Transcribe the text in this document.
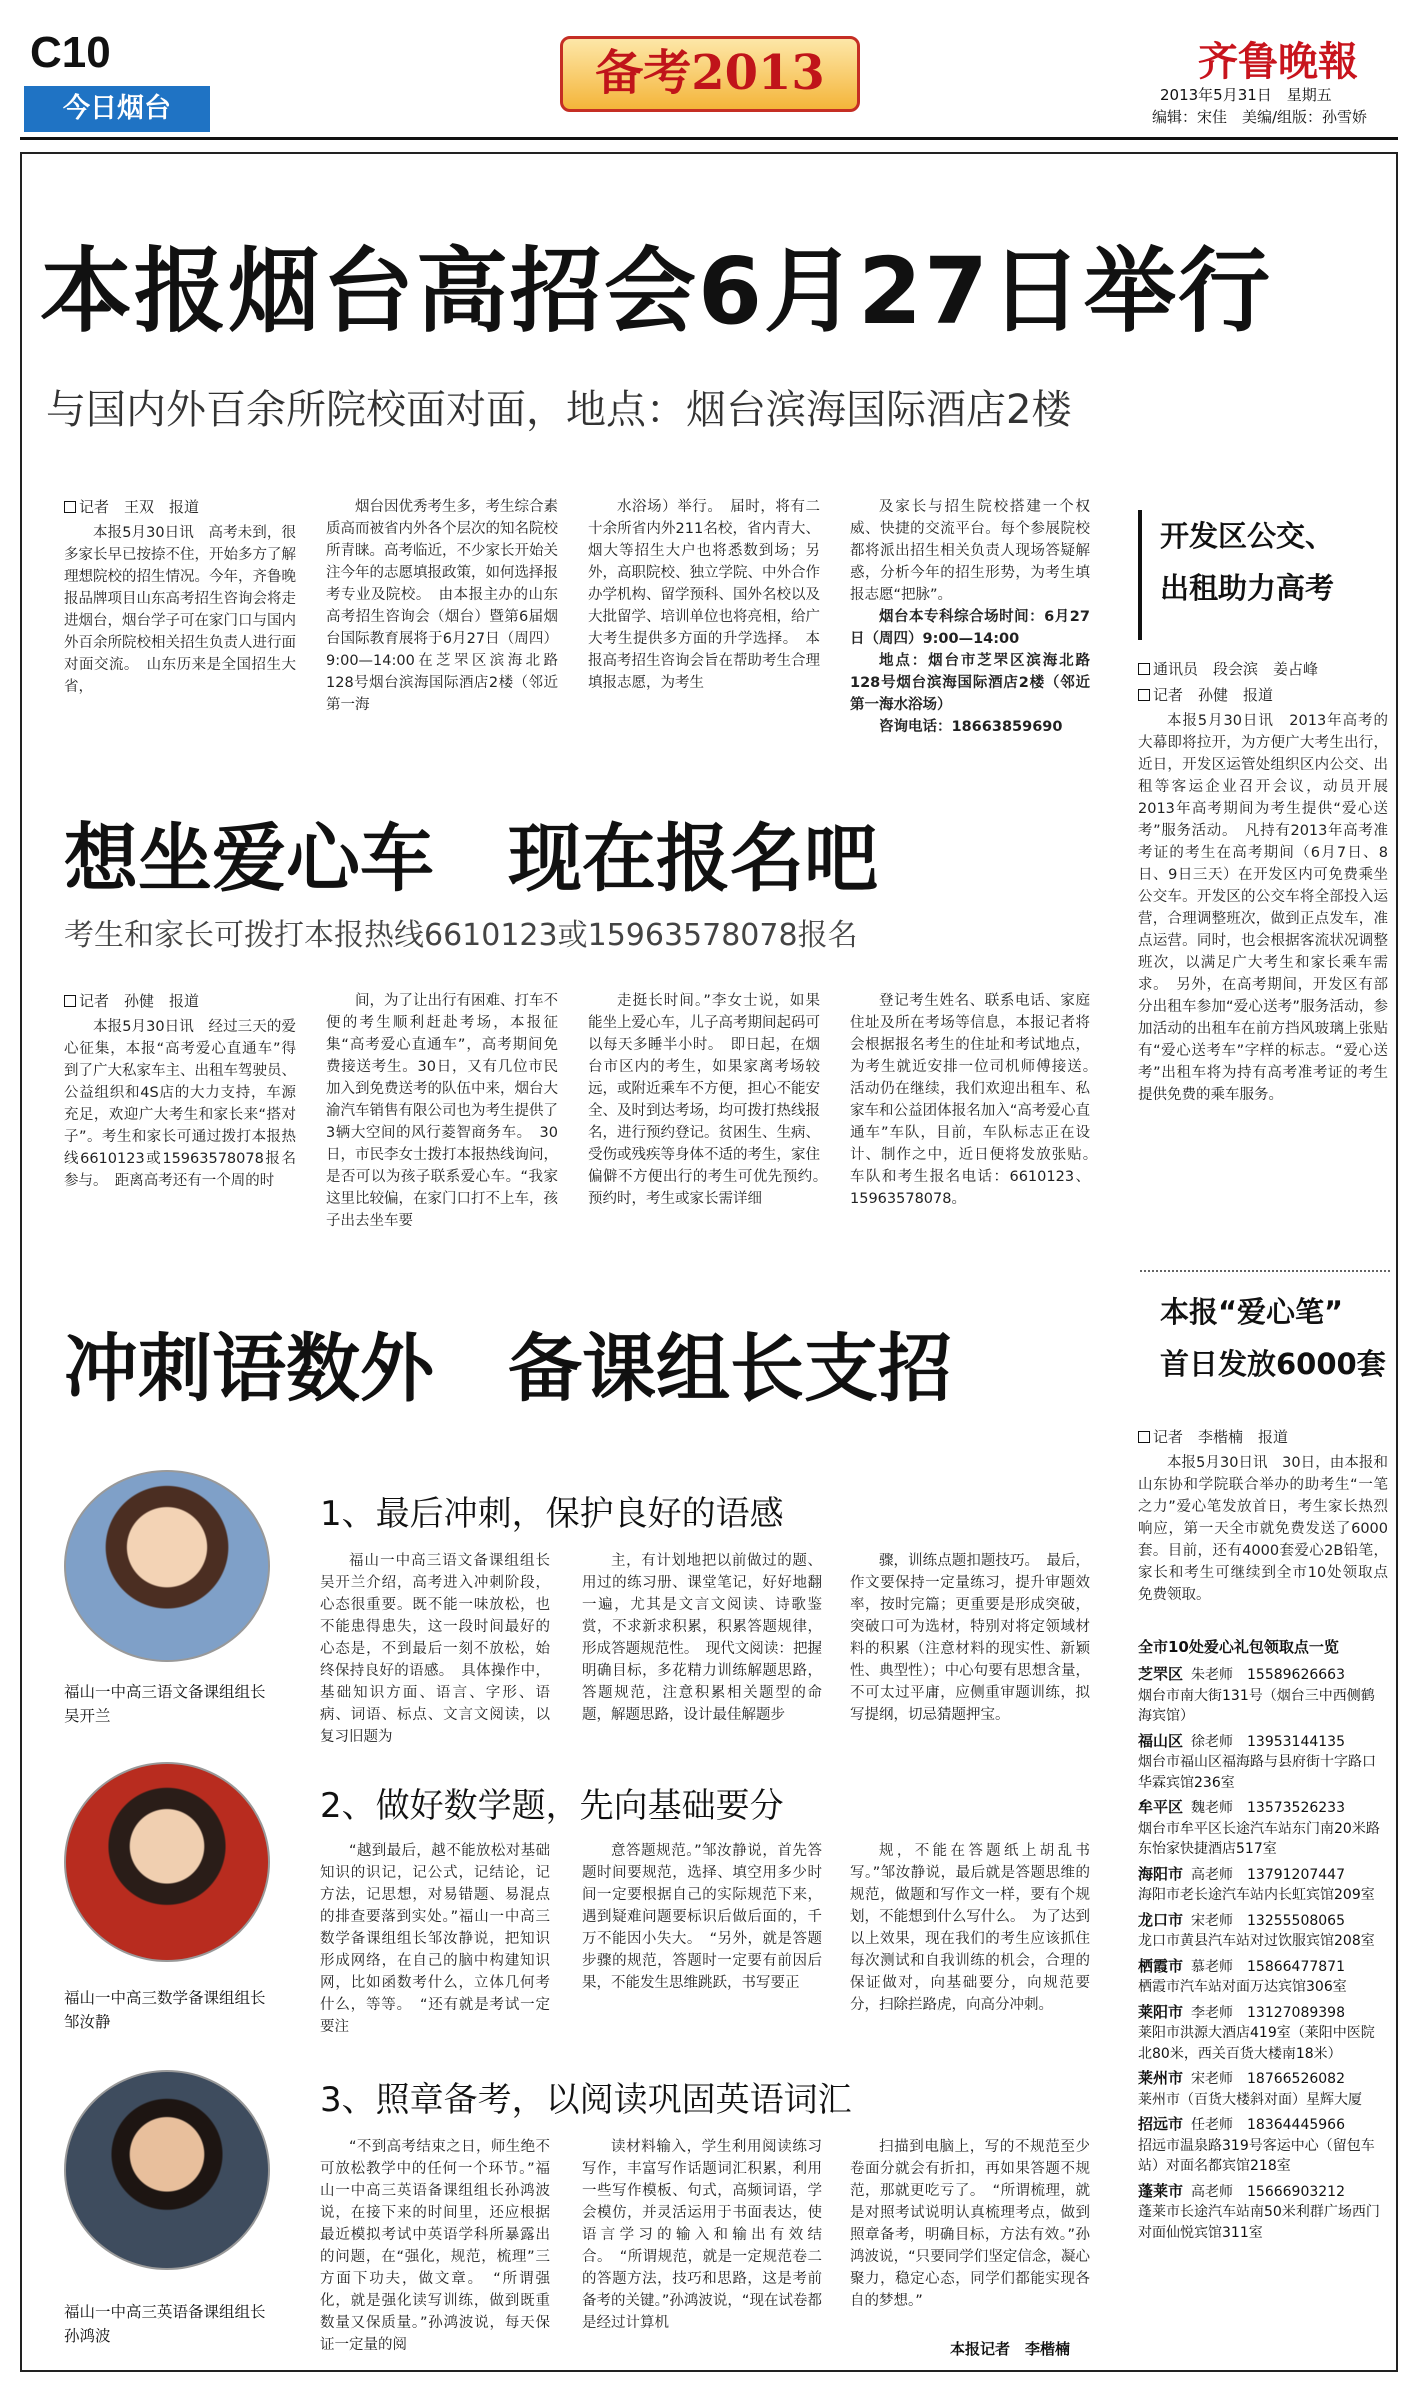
C10
今日烟台
备考2013	齐鲁晚報
2013年5月31日　星期五
编辑：宋佳　美编/组版：孙雪娇
本报烟台高招会6月27日举行
与国内外百余所院校面对面，地点：烟台滨海国际酒店2楼
记者　王双　报道

本报5月30日讯　高考未到，很多家长早已按捺不住，开始多方了解理想院校的招生情况。今年，齐鲁晚报品牌项目山东高考招生咨询会将走进烟台，烟台学子可在家门口与国内外百余所院校相关招生负责人进行面对面交流。　山东历来是全国招生大省，

烟台因优秀考生多，考生综合素质高而被省内外各个层次的知名院校所青睐。高考临近，不少家长开始关注今年的志愿填报政策，如何选择报考专业及院校。　由本报主办的山东高考招生咨询会（烟台）暨第6届烟台国际教育展将于6月27日（周四）9:00—14:00在芝罘区滨海北路128号烟台滨海国际酒店2楼（邻近第一海

水浴场）举行。　届时，将有二十余所省内外211名校，省内青大、烟大等招生大户也将悉数到场；另外，高职院校、独立学院、中外合作办学机构、留学预科、国外名校以及大批留学、培训单位也将亮相，给广大考生提供多方面的升学选择。　本报高考招生咨询会旨在帮助考生合理填报志愿，为考生

及家长与招生院校搭建一个权威、快捷的交流平台。每个参展院校都将派出招生相关负责人现场答疑解惑，分析今年的招生形势，为考生填报志愿“把脉”。

烟台本专科综合场时间：6月27日（周四）9:00—14:00

地点：烟台市芝罘区滨海北路128号烟台滨海国际酒店2楼（邻近第一海水浴场）

咨询电话：18663859690

想坐爱心车　现在报名吧
考生和家长可拨打本报热线6610123或15963578078报名
记者　孙健　报道

本报5月30日讯　经过三天的爱心征集，本报“高考爱心直通车”得到了广大私家车主、出租车驾驶员、公益组织和4S店的大力支持，车源充足，欢迎广大考生和家长来“搭对子”。考生和家长可通过拨打本报热线6610123或15963578078报名参与。　距离高考还有一个周的时

间，为了让出行有困难、打车不便的考生顺利赶赴考场，本报征集“高考爱心直通车”，高考期间免费接送考生。30日，又有几位市民加入到免费送考的队伍中来，烟台大渝汽车销售有限公司也为考生提供了3辆大空间的风行菱智商务车。　30日，市民李女士拨打本报热线询问，是否可以为孩子联系爱心车。“我家这里比较偏，在家门口打不上车，孩子出去坐车要

走挺长时间。”李女士说，如果能坐上爱心车，儿子高考期间起码可以每天多睡半小时。　即日起，在烟台市区内的考生，如果家离考场较远，或附近乘车不方便，担心不能安全、及时到达考场，均可拨打热线报名，进行预约登记。贫困生、生病、受伤或残疾等身体不适的考生，家住偏僻不方便出行的考生可优先预约。　预约时，考生或家长需详细

登记考生姓名、联系电话、家庭住址及所在考场等信息，本报记者将会根据报名考生的住址和考试地点，为考生就近安排一位司机师傅接送。　活动仍在继续，我们欢迎出租车、私家车和公益团体报名加入“高考爱心直通车”车队，目前，车队标志正在设计、制作之中，近日便将发放张贴。　车队和考生报名电话：6610123、15963578078。

冲刺语数外　备课组长支招
福山一中高三语文备课组组长　吴开兰
1、最后冲刺，保护良好的语感

福山一中高三语文备课组组长吴开兰介绍，高考进入冲刺阶段，心态很重要。既不能一味放松，也不能患得患失，这一段时间最好的心态是，不到最后一刻不放松，始终保持良好的语感。　具体操作中，基础知识方面、语言、字形、语病、词语、标点、文言文阅读，以复习旧题为

主，有计划地把以前做过的题、用过的练习册、课堂笔记，好好地翻一遍，尤其是文言文阅读、诗歌鉴赏，不求新求积累，积累答题规律，形成答题规范性。　现代文阅读：把握明确目标，多花精力训练解题思路，答题规范，注意积累相关题型的命题，解题思路，设计最佳解题步

骤，训练点题扣题技巧。　最后，作文要保持一定量练习，提升审题效率，按时完篇；更重要是形成突破，突破口可为选材，特别对将定领域材料的积累（注意材料的现实性、新颖性、典型性）；中心句要有思想含量，不可太过平庸，应侧重审题训练，拟写提纲，切忌猜题押宝。

福山一中高三数学备课组组长　邹汝静
2、做好数学题，先向基础要分

“越到最后，越不能放松对基础知识的识记，记公式，记结论，记方法，记思想，对易错题、易混点的排查要落到实处。”福山一中高三数学备课组组长邹汝静说，把知识形成网络，在自己的脑中构建知识网，比如函数考什么，立体几何考什么，等等。　“还有就是考试一定要注

意答题规范。”邹汝静说，首先答题时间要规范，选择、填空用多少时间一定要根据自己的实际规范下来，遇到疑难问题要标识后做后面的，千万不能因小失大。　“另外，就是答题步骤的规范，答题时一定要有前因后果，不能发生思维跳跃，书写要正

规，不能在答题纸上胡乱书写。”邹汝静说，最后就是答题思维的规范，做题和写作文一样，要有个规划，不能想到什么写什么。　为了达到以上效果，现在我们的考生应该抓住每次测试和自我训练的机会，合理的保证做对，向基础要分，向规范要分，扫除拦路虎，向高分冲刺。

福山一中高三英语备课组组长　孙鸿波
3、照章备考，以阅读巩固英语词汇

“不到高考结束之日，师生绝不可放松教学中的任何一个环节。”福山一中高三英语备课组组长孙鸿波说，在接下来的时间里，还应根据最近模拟考试中英语学科所暴露出的问题，在“强化，规范，梳理”三方面下功夫，做文章。　“所谓强化，就是强化读写训练，做到既重数量又保质量。”孙鸿波说，每天保证一定量的阅

读材料输入，学生利用阅读练习写作，丰富写作话题词汇积累，利用一些写作模板、句式，高频词语，学会模仿，并灵活运用于书面表达，使语言学习的输入和输出有效结合。　“所谓规范，就是一定规范卷二的答题方法，技巧和思路，这是考前备考的关键。”孙鸿波说，“现在试卷都是经过计算机

扫描到电脑上，写的不规范至少卷面分就会有折扣，再如果答题不规范，那就更吃亏了。　“所谓梳理，就是对照考试说明认真梳理考点，做到照章备考，明确目标，方法有效。”孙鸿波说，“只要同学们坚定信念，凝心聚力，稳定心态，同学们都能实现各自的梦想。”

本报记者　李楷楠
开发区公交、
出租助力高考
通讯员　段会滨　姜占峰
记者　孙健　报道

本报5月30日讯　2013年高考的大幕即将拉开，为方便广大考生出行，近日，开发区运管处组织区内公交、出租等客运企业召开会议，动员开展2013年高考期间为考生提供“爱心送考”服务活动。　凡持有2013年高考准考证的考生在高考期间（6月7日、8日、9日三天）在开发区内可免费乘坐公交车。开发区的公交车将全部投入运营，合理调整班次，做到正点发车，准点运营。同时，也会根据客流状况调整班次，以满足广大考生和家长乘车需求。　另外，在高考期间，开发区有部分出租车参加“爱心送考”服务活动，参加活动的出租车在前方挡风玻璃上张贴有“爱心送考车”字样的标志。“爱心送考”出租车将为持有高考准考证的考生提供免费的乘车服务。

本报“爱心笔”
首日发放6000套
记者　李楷楠　报道

本报5月30日讯　30日，由本报和山东协和学院联合举办的助考生“一笔之力”爱心笔发放首日，考生家长热烈响应，第一天全市就免费发送了6000套。目前，还有4000套爱心2B铅笔，家长和考生可继续到全市10处领取点免费领取。

全市10处爱心礼包领取点一览
芝罘区 朱老师　15589626663
烟台市南大街131号（烟台三中西侧鹤海宾馆）
福山区 徐老师　13953144135
烟台市福山区福海路与县府街十字路口华霖宾馆236室
牟平区 魏老师　13573526233
烟台市牟平区长途汽车站东门南20米路东怡家快捷酒店517室
海阳市 高老师　13791207447
海阳市老长途汽车站内长虹宾馆209室
龙口市 宋老师　13255508065
龙口市黄县汽车站对过饮服宾馆208室
栖霞市 慕老师　15866477871
栖霞市汽车站对面万达宾馆306室
莱阳市 李老师　13127089398
莱阳市洪源大酒店419室（莱阳中医院北80米，西关百货大楼南18米）
莱州市 宋老师　18766526082
莱州市（百货大楼斜对面）星辉大厦
招远市 任老师　18364445966
招远市温泉路319号客运中心（留包车站）对面名都宾馆218室
蓬莱市 高老师　15666903212
蓬莱市长途汽车站南50米利群广场西门对面仙悦宾馆311室
